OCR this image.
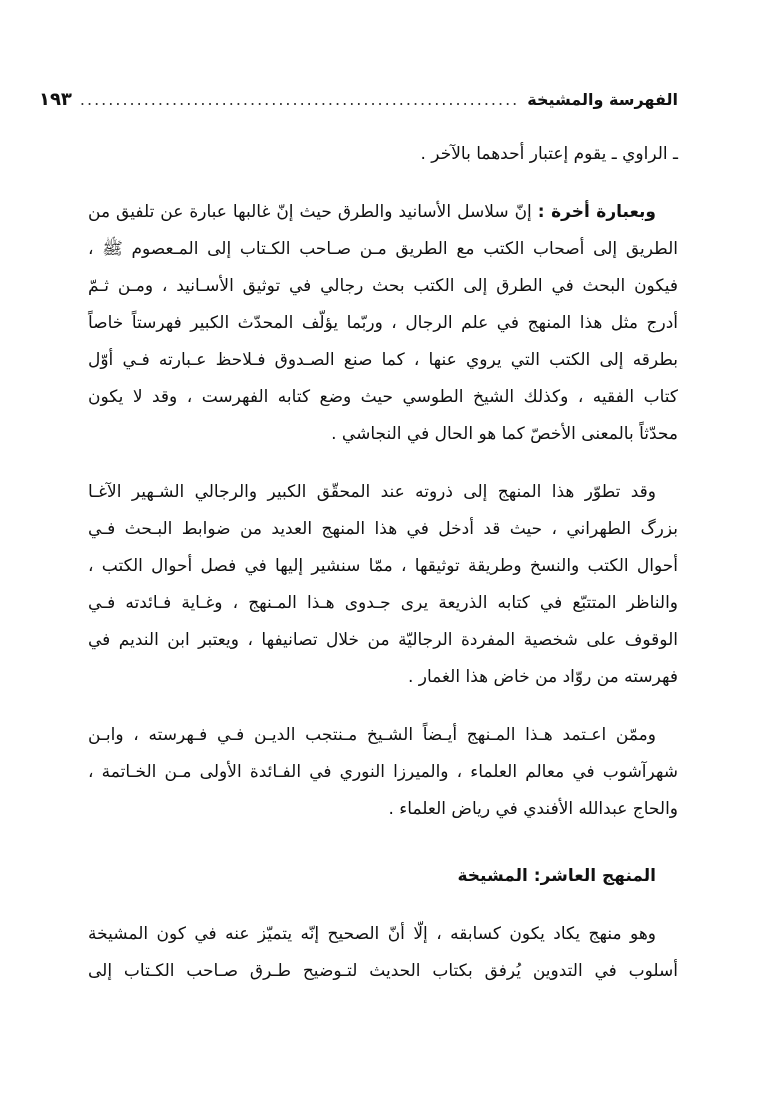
الفهرسة والمشيخة
..............................................................
١٩٣
ـ الراوي ـ يقوم إعتبار أحدهما بالآخر .
وبعبارة أخرة : إنّ سلاسل الأسانيد والطرق حيث إنّ غالبها عبارة عن تلفيق من
الطريق إلى أصحاب الكتب مع الطريق مـن صـاحب الكـتاب إلى المـعصوم ﷺ ،
فيكون البحث في الطرق إلى الكتب بحث رجالي في توثيق الأسـانيد ، ومـن ثـمّ
أدرج مثل هذا المنهج في علم الرجال ، وربّما يؤلّف المحدّث الكبير فهرستاً خاصاً
بطرقه إلى الكتب التي يروي عنها ، كما صنع الصـدوق فـلاحظ عـبارته فـي أوّل
كتاب الفقيه ، وكذلك الشيخ الطوسي حيث وضع كتابه الفهرست ، وقد لا يكون
محدّثاً بالمعنى الأخصّ كما هو الحال في النجاشي .
وقد تطوّر هذا المنهج إلى ذروته عند المحقّق الكبير والرجالي الشـهير الآغـا
بزرگ الطهراني ، حيث قد أدخل في هذا المنهج العديد من ضوابط البـحث فـي
أحوال الكتب والنسخ وطريقة توثيقها ، ممّا سنشير إليها في فصل أحوال الكتب ،
والناظر المتتبّع في كتابه الذريعة يرى جـدوى هـذا المـنهج ، وغـاية فـائدته فـي
الوقوف على شخصية المفردة الرجاليّة من خلال تصانيفها ، ويعتبر ابن النديم في
فهرسته من روّاد من خاض هذا الغمار .
وممّن اعـتمد هـذا المـنهج أيـضاً الشـيخ مـنتجب الديـن فـي فـهرسته ، وابـن
شهرآشوب في معالم العلماء ، والميرزا النوري في الفـائدة الأولى مـن الخـاتمة ،
والحاج عبدالله الأفندي في رياض العلماء .
المنهج العاشر: المشيخة
وهو منهج يكاد يكون كسابقه ، إلّا أنّ الصحيح إنّه يتميّز عنه في كون المشيخة
أسلوب في التدوين يُرفق بكتاب الحديث لتـوضيح طـرق صـاحب الكـتاب إلى
